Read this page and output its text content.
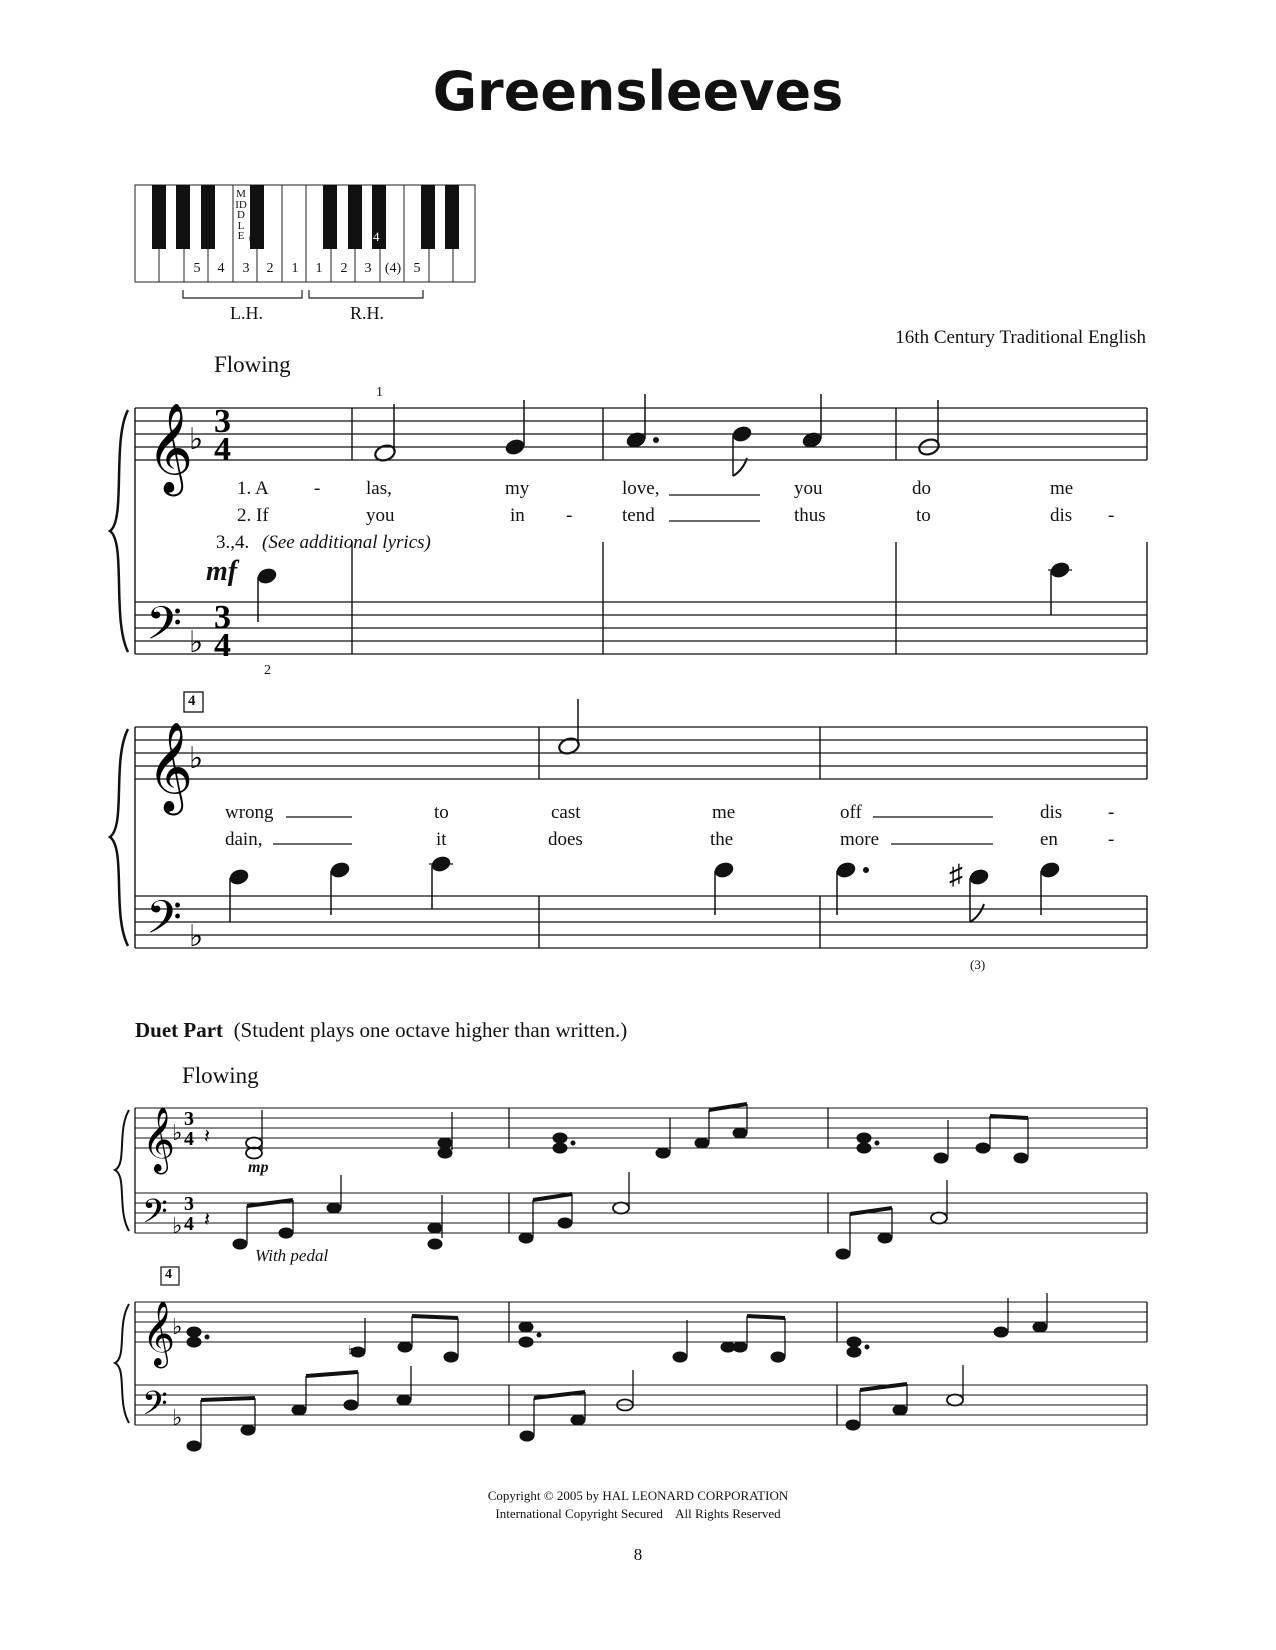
Greensleeves
MIDDLE (3)	4
5	4	3	2	1	1	2	3 (4) 5
L.H.	R.H.
16th Century Traditional English
Flowing
𝄞
♭ 3
4
𝄢 ♭
3
4
𝄞
♭
𝄢 ♭
♯
𝄞
♭
3
4
𝄢 ♭
3
4
𝄽
𝄽
𝄞
♭
𝄢 ♭
♮
1
mf
2
1. A - las,	my	love,	you	do	me
2. If	you	in -	tend	thus	to	dis -
3.,4. (See additional lyrics)
4
wrong	to	cast	me	off	dis -
dain,	it	does	the	more	en	-
(3)
Duet Part (Student plays one octave higher than written.)
Flowing
mp
With pedal
4
Copyright © 2005 by HAL LEONARD CORPORATION
International Copyright Secured    All Rights Reserved
8
